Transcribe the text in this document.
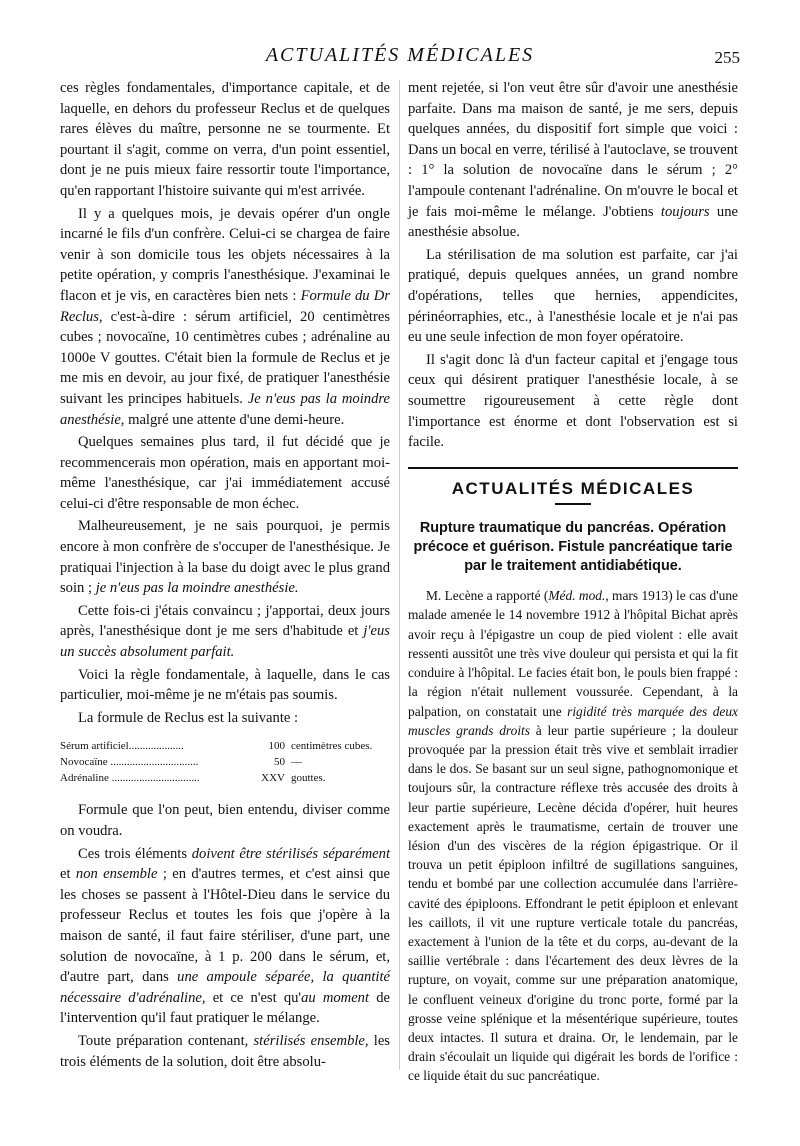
ACTUALITÉS MÉDICALES	255

ces règles fondamentales, d'importance capitale, et de laquelle, en dehors du professeur Reclus et de quelques rares élèves du maître, personne ne se tourmente. Et pourtant il s'agit, comme on verra, d'un point essentiel, dont je ne puis mieux faire ressortir toute l'importance, qu'en rapportant l'histoire suivante qui m'est arrivée.

Il y a quelques mois, je devais opérer d'un ongle incarné le fils d'un confrère. Celui-ci se chargea de faire venir à son domicile tous les objets nécessaires à la petite opération, y compris l'anesthésique. J'examinai le flacon et je vis, en caractères bien nets : Formule du Dr Reclus, c'est-à-dire : sérum artificiel, 20 centimètres cubes ; novocaïne, 10 centimètres cubes ; adrénaline au 1000e V gouttes. C'était bien la formule de Reclus et je me mis en devoir, au jour fixé, de pratiquer l'anesthésie suivant les principes habituels. Je n'eus pas la moindre anesthésie, malgré une attente d'une demi-heure.

Quelques semaines plus tard, il fut décidé que je recommencerais mon opération, mais en apportant moi-même l'anesthésique, car j'ai immédiatement accusé celui-ci d'être responsable de mon échec.

Malheureusement, je ne sais pourquoi, je permis encore à mon confrère de s'occuper de l'anesthésique. Je pratiquai l'injection à la base du doigt avec le plus grand soin ; je n'eus pas la moindre anesthésie.

Cette fois-ci j'étais convaincu ; j'apportai, deux jours après, l'anesthésique dont je me sers d'habitude et j'eus un succès absolument parfait.

Voici la règle fondamentale, à laquelle, dans le cas particulier, moi-même je ne m'étais pas soumis.

La formule de Reclus est la suivante :

Sérum artificiel....................	100 centimètres cubes.
Novocaïne ................................	50 —
Adrénaline ................................	XXV gouttes.

Formule que l'on peut, bien entendu, diviser comme on voudra.

Ces trois éléments doivent être stérilisés séparément et non ensemble ; en d'autres termes, et c'est ainsi que les choses se passent à l'Hôtel-Dieu dans le service du professeur Reclus et toutes les fois que j'opère à la maison de santé, il faut faire stériliser, d'une part, une solution de novocaïne, à 1 p. 200 dans le sérum, et, d'autre part, dans une ampoule séparée, la quantité nécessaire d'adrénaline, et ce n'est qu'au moment de l'intervention qu'il faut pratiquer le mélange.

Toute préparation contenant, stérilisés ensemble, les trois éléments de la solution, doit être absolu-

ment rejetée, si l'on veut être sûr d'avoir une anesthésie parfaite. Dans ma maison de santé, je me sers, depuis quelques années, du dispositif fort simple que voici : Dans un bocal en verre, térilisé à l'autoclave, se trouvent : 1° la solution de novocaïne dans le sérum ; 2° l'ampoule contenant l'adrénaline. On m'ouvre le bocal et je fais moi-même le mélange. J'obtiens toujours une anesthésie absolue.

La stérilisation de ma solution est parfaite, car j'ai pratiqué, depuis quelques années, un grand nombre d'opérations, telles que hernies, appendicites, périnéorraphies, etc., à l'anesthésie locale et je n'ai pas eu une seule infection de mon foyer opératoire.

Il s'agit donc là d'un facteur capital et j'engage tous ceux qui désirent pratiquer l'anesthésie locale, à se soumettre rigoureusement à cette règle dont l'importance est énorme et dont l'observation est si facile.

ACTUALITÉS MÉDICALES
Rupture traumatique du pancréas. Opération précoce et guérison. Fistule pancréatique tarie par le traitement antidiabétique.

M. Lecène a rapporté (Méd. mod., mars 1913) le cas d'une malade amenée le 14 novembre 1912 à l'hôpital Bichat après avoir reçu à l'épigastre un coup de pied violent : elle avait ressenti aussitôt une très vive douleur qui persista et qui la fit conduire à l'hôpital. Le facies était bon, le pouls bien frappé : la région n'était nullement voussurée. Cependant, à la palpation, on constatait une rigidité très marquée des deux muscles grands droits à leur partie supérieure ; la douleur provoquée par la pression était très vive et semblait irradier dans le dos. Se basant sur un seul signe, pathognomonique et toujours sûr, la contracture réflexe très accusée des droits à leur partie supérieure, Lecène décida d'opérer, huit heures exactement après le traumatisme, certain de trouver une lésion d'un des viscères de la région épigastrique. Or il trouva un petit épiploon infiltré de sugillations sanguines, tendu et bombé par une collection accumulée dans l'arrière-cavité des épiploons. Effondrant le petit épiploon et enlevant les caillots, il vit une rupture verticale totale du pancréas, exactement à l'union de la tête et du corps, au-devant de la saillie vertébrale : dans l'écartement des deux lèvres de la rupture, on voyait, comme sur une préparation anatomique, le confluent veineux d'origine du tronc porte, formé par la grosse veine splénique et la mésentérique supérieure, toutes deux intactes. Il sutura et draina. Or, le lendemain, par le drain s'écoulait un liquide qui digérait les bords de l'orifice : ce liquide était du suc pancréatique.
